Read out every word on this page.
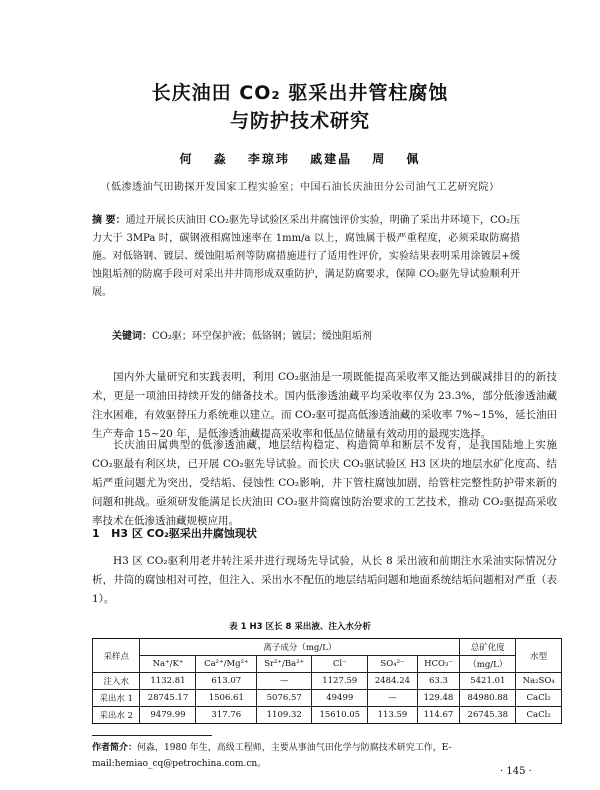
长庆油田 CO₂ 驱采出井管柱腐蚀
与防护技术研究
何 淼 李琼玮 戚建晶 周 佩
（低渗透油气田勘探开发国家工程实验室；中国石油长庆油田分公司油气工艺研究院）
摘 要：通过开展长庆油田 CO₂驱先导试验区采出井腐蚀评价实验，明确了采出井环境下，CO₂压力大于 3MPa 时，碳钢液相腐蚀速率在 1mm/a 以上，腐蚀属于极严重程度，必须采取防腐措施。对低铬钢、镀层、缓蚀阻垢剂等防腐措施进行了适用性评价，实验结果表明采用涂镀层+缓蚀阻垢剂的防腐手段可对采出井井筒形成双重防护，满足防腐要求，保障 CO₂驱先导试验顺利开展。
关键词：CO₂驱；环空保护液；低铬钢；镀层；缓蚀阻垢剂

国内外大量研究和实践表明，利用 CO₂驱油是一项既能提高采收率又能达到碳减排目的的新技术，更是一项油田持续开发的储备技术。国内低渗透油藏平均采收率仅为 23.3%，部分低渗透油藏注水困难，有效驱替压力系统难以建立。而 CO₂驱可提高低渗透油藏的采收率 7%~15%，延长油田生产寿命 15~20 年，是低渗透油藏提高采收率和低品位储量有效动用的最现实选择。

长庆油田属典型的低渗透油藏，地层结构稳定、构造简单和断层不发育，是我国陆地上实施 CO₂驱最有利区块，已开展 CO₂驱先导试验。而长庆 CO₂驱试验区 H3 区块的地层水矿化度高、结垢严重问题尤为突出，受结垢、侵蚀性 CO₂影响，井下管柱腐蚀加剧，给管柱完整性防护带来新的问题和挑战。亟须研发能满足长庆油田 CO₂驱井筒腐蚀防治要求的工艺技术，推动 CO₂驱提高采收率技术在低渗透油藏规模应用。

1 H3 区 CO₂驱采出井腐蚀现状

H3 区 CO₂驱利用老井转注采井进行现场先导试验，从长 8 采出液和前期注水采油实际情况分析，井筒的腐蚀相对可控，但注入、采出水不配伍的地层结垢问题和地面系统结垢问题相对严重（表 1）。

表 1 H3 区长 8 采出液、注入水分析
采样点	离子成分（mg/L）						总矿化度	水型
	Na⁺/K⁺	Ca²⁺/Mg²⁺	Sr²⁺/Ba²⁺	Cl⁻	SO₄²⁻	HCO₃⁻	（mg/L）	
注入水	1132.81	613.07	—	1127.59	2484.24	63.3	5421.01	Na₂SO₄
采出水 1	28745.17	1506.61	5076.57	49499	—	129.48	84980.88	CaCl₂
采出水 2	9479.99	317.76	1109.32	15610.05	113.59	114.67	26745.38	CaCl₂
作者简介：何淼，1980 年生，高级工程师，主要从事油气田化学与防腐技术研究工作，E-mail:hemiao_cq@petrochina.com.cn。
· 145 ·
